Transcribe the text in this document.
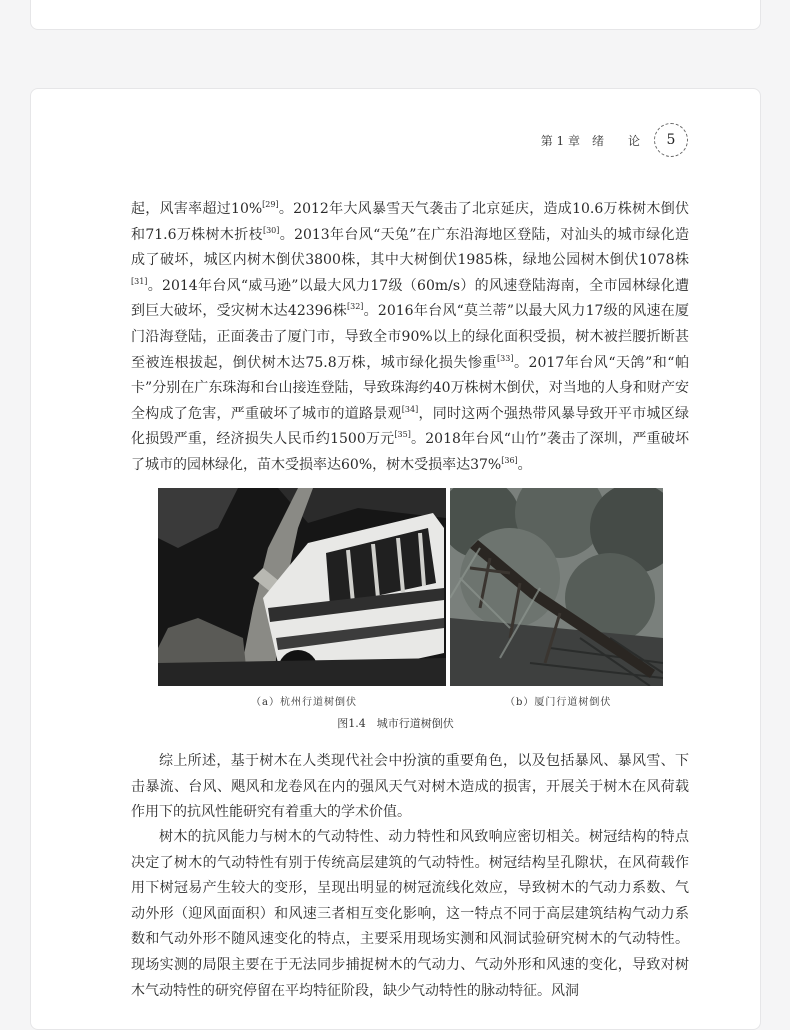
第 1 章　绪　　论	5

起，风害率超过10%[29]。2012年大风暴雪天气袭击了北京延庆，造成10.6万株树木倒伏和71.6万株树木折枝[30]。2013年台风“天兔”在广东沿海地区登陆，对汕头的城市绿化造成了破坏，城区内树木倒伏3800株，其中大树倒伏1985株，绿地公园树木倒伏1078株[31]。2014年台风“威马逊”以最大风力17级（60m/s）的风速登陆海南，全市园林绿化遭到巨大破坏，受灾树木达42396株[32]。2016年台风“莫兰蒂”以最大风力17级的风速在厦门沿海登陆，正面袭击了厦门市，导致全市90%以上的绿化面积受损，树木被拦腰折断甚至被连根拔起，倒伏树木达75.8万株，城市绿化损失惨重[33]。2017年台风“天鸽”和“帕卡”分别在广东珠海和台山接连登陆，导致珠海约40万株树木倒伏，对当地的人身和财产安全构成了危害，严重破坏了城市的道路景观[34]，同时这两个强热带风暴导致开平市城区绿化损毁严重，经济损失人民币约1500万元[35]。2018年台风“山竹”袭击了深圳，严重破坏了城市的园林绿化，苗木受损率达60%，树木受损率达37%[36]。

（a）杭州行道树倒伏	（b）厦门行道树倒伏
图1.4　城市行道树倒伏

综上所述，基于树木在人类现代社会中扮演的重要角色，以及包括暴风、暴风雪、下击暴流、台风、飓风和龙卷风在内的强风天气对树木造成的损害，开展关于树木在风荷载作用下的抗风性能研究有着重大的学术价值。

树木的抗风能力与树木的气动特性、动力特性和风致响应密切相关。树冠结构的特点决定了树木的气动特性有别于传统高层建筑的气动特性。树冠结构呈孔隙状，在风荷载作用下树冠易产生较大的变形，呈现出明显的树冠流线化效应，导致树木的气动力系数、气动外形（迎风面面积）和风速三者相互变化影响，这一特点不同于高层建筑结构气动力系数和气动外形不随风速变化的特点，主要采用现场实测和风洞试验研究树木的气动特性。现场实测的局限主要在于无法同步捕捉树木的气动力、气动外形和风速的变化，导致对树木气动特性的研究停留在平均特征阶段，缺少气动特性的脉动特征。风洞
